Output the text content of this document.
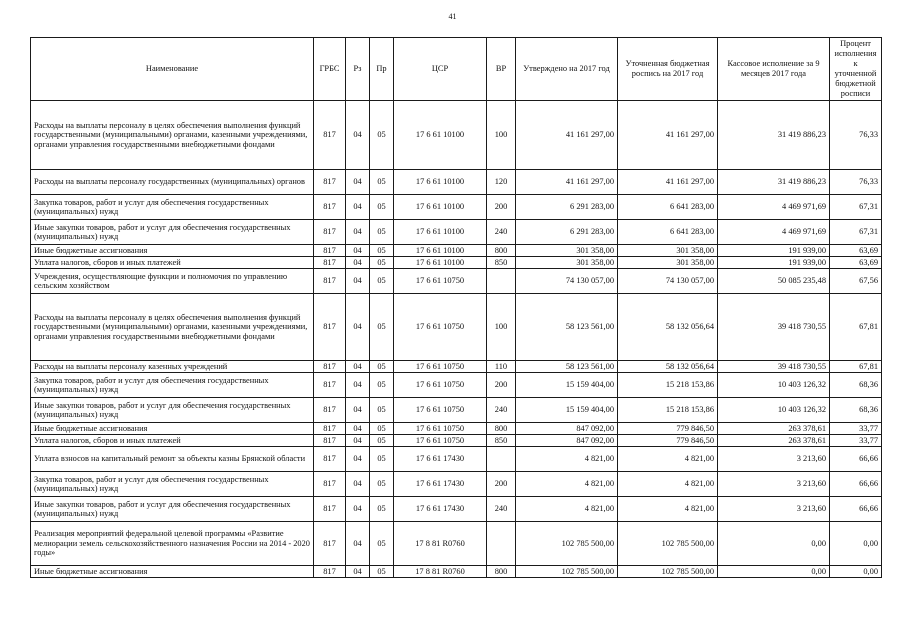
41
Наименование	ГРБС	Рз	Пр	ЦСР	ВР	Утверждено на 2017 год	Уточненная бюджетная роспись на 2017 год	Кассовое исполнение за 9 месяцев 2017 года	Процент исполнения к уточненной бюджетной росписи
Расходы на выплаты персоналу в целях обеспечения выполнения функций государственными (муниципальными) органами, казенными учреждениями, органами управления государственными внебюджетными фондами	817	04	05	17 6 61 10100	100	41 161 297,00	41 161 297,00	31 419 886,23	76,33
Расходы на выплаты персоналу государственных (муниципальных) органов	817	04	05	17 6 61 10100	120	41 161 297,00	41 161 297,00	31 419 886,23	76,33
Закупка товаров, работ и услуг для обеспечения государственных (муниципальных) нужд	817	04	05	17 6 61 10100	200	6 291 283,00	6 641 283,00	4 469 971,69	67,31
Иные закупки товаров, работ и услуг для обеспечения государственных (муниципальных) нужд	817	04	05	17 6 61 10100	240	6 291 283,00	6 641 283,00	4 469 971,69	67,31
Иные бюджетные ассигнования	817	04	05	17 6 61 10100	800	301 358,00	301 358,00	191 939,00	63,69
Уплата налогов, сборов и иных платежей	817	04	05	17 6 61 10100	850	301 358,00	301 358,00	191 939,00	63,69
Учреждения, осуществляющие функции и полномочия по управлению сельским хозяйством	817	04	05	17 6 61 10750		74 130 057,00	74 130 057,00	50 085 235,48	67,56
Расходы на выплаты персоналу в целях обеспечения выполнения функций государственными (муниципальными) органами, казенными учреждениями, органами управления государственными внебюджетными фондами	817	04	05	17 6 61 10750	100	58 123 561,00	58 132 056,64	39 418 730,55	67,81
Расходы на выплаты персоналу казенных учреждений	817	04	05	17 6 61 10750	110	58 123 561,00	58 132 056,64	39 418 730,55	67,81
Закупка товаров, работ и услуг для обеспечения государственных (муниципальных) нужд	817	04	05	17 6 61 10750	200	15 159 404,00	15 218 153,86	10 403 126,32	68,36
Иные закупки товаров, работ и услуг для обеспечения государственных (муниципальных) нужд	817	04	05	17 6 61 10750	240	15 159 404,00	15 218 153,86	10 403 126,32	68,36
Иные бюджетные ассигнования	817	04	05	17 6 61 10750	800	847 092,00	779 846,50	263 378,61	33,77
Уплата налогов, сборов и иных платежей	817	04	05	17 6 61 10750	850	847 092,00	779 846,50	263 378,61	33,77
Уплата взносов на капитальный ремонт за объекты казны Брянской области	817	04	05	17 6 61 17430		4 821,00	4 821,00	3 213,60	66,66
Закупка товаров, работ и услуг для обеспечения государственных (муниципальных) нужд	817	04	05	17 6 61 17430	200	4 821,00	4 821,00	3 213,60	66,66
Иные закупки товаров, работ и услуг для обеспечения государственных (муниципальных) нужд	817	04	05	17 6 61 17430	240	4 821,00	4 821,00	3 213,60	66,66
Реализация мероприятий федеральной целевой программы «Развитие мелиорации земель сельскохозяйственного назначения России на 2014 - 2020 годы»	817	04	05	17 8 81 R0760		102 785 500,00	102 785 500,00	0,00	0,00
Иные бюджетные ассигнования	817	04	05	17 8 81 R0760	800	102 785 500,00	102 785 500,00	0,00	0,00
